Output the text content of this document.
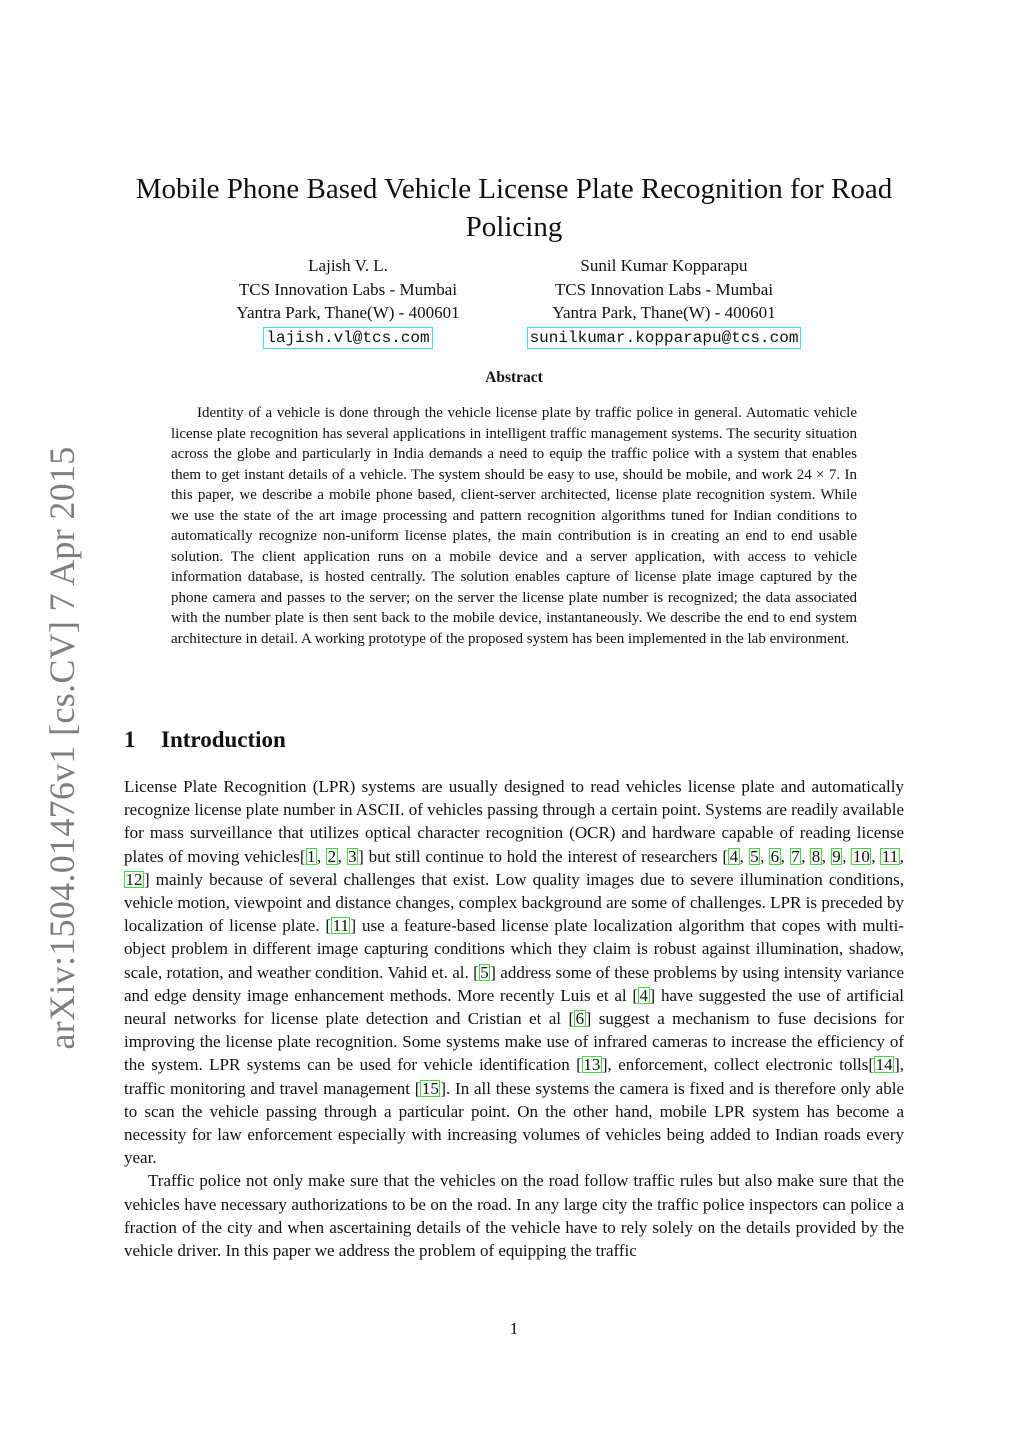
arXiv:1504.01476v1 [cs.CV] 7 Apr 2015
Mobile Phone Based Vehicle License Plate Recognition for Road Policing
Lajish V. L.
TCS Innovation Labs - Mumbai
Yantra Park, Thane(W) - 400601
lajish.vl@tcs.com
Sunil Kumar Kopparapu
TCS Innovation Labs - Mumbai
Yantra Park, Thane(W) - 400601
sunilkumar.kopparapu@tcs.com
Abstract

Identity of a vehicle is done through the vehicle license plate by traffic police in general. Automatic vehicle license plate recognition has several applications in intelligent traffic management systems. The security situation across the globe and particularly in India demands a need to equip the traffic police with a system that enables them to get instant details of a vehicle. The system should be easy to use, should be mobile, and work 24 × 7. In this paper, we describe a mobile phone based, client-server architected, license plate recognition system. While we use the state of the art image processing and pattern recognition algorithms tuned for Indian conditions to automatically recognize non-uniform license plates, the main contribution is in creating an end to end usable solution. The client application runs on a mobile device and a server application, with access to vehicle information database, is hosted centrally. The solution enables capture of license plate image captured by the phone camera and passes to the server; on the server the license plate number is recognized; the data associated with the number plate is then sent back to the mobile device, instantaneously. We describe the end to end system architecture in detail. A working prototype of the proposed system has been implemented in the lab environment.

1 Introduction

License Plate Recognition (LPR) systems are usually designed to read vehicles license plate and automatically recognize license plate number in ASCII. of vehicles passing through a certain point. Systems are readily available for mass surveillance that utilizes optical character recognition (OCR) and hardware capable of reading license plates of moving vehicles[1, 2, 3] but still continue to hold the interest of researchers [4, 5, 6, 7, 8, 9, 10, 11, 12] mainly because of several challenges that exist. Low quality images due to severe illumination conditions, vehicle motion, viewpoint and distance changes, complex background are some of challenges. LPR is preceded by localization of license plate. [11] use a feature-based license plate localization algorithm that copes with multi-object problem in different image capturing conditions which they claim is robust against illumination, shadow, scale, rotation, and weather condition. Vahid et. al. [5] address some of these problems by using intensity variance and edge density image enhancement methods. More recently Luis et al [4] have suggested the use of artificial neural networks for license plate detection and Cristian et al [6] suggest a mechanism to fuse decisions for improving the license plate recognition. Some systems make use of infrared cameras to increase the efficiency of the system. LPR systems can be used for vehicle identification [13], enforcement, collect electronic tolls[14], traffic monitoring and travel management [15]. In all these systems the camera is fixed and is therefore only able to scan the vehicle passing through a particular point. On the other hand, mobile LPR system has become a necessity for law enforcement especially with increasing volumes of vehicles being added to Indian roads every year.

Traffic police not only make sure that the vehicles on the road follow traffic rules but also make sure that the vehicles have necessary authorizations to be on the road. In any large city the traffic police inspectors can police a fraction of the city and when ascertaining details of the vehicle have to rely solely on the details provided by the vehicle driver. In this paper we address the problem of equipping the traffic

1
